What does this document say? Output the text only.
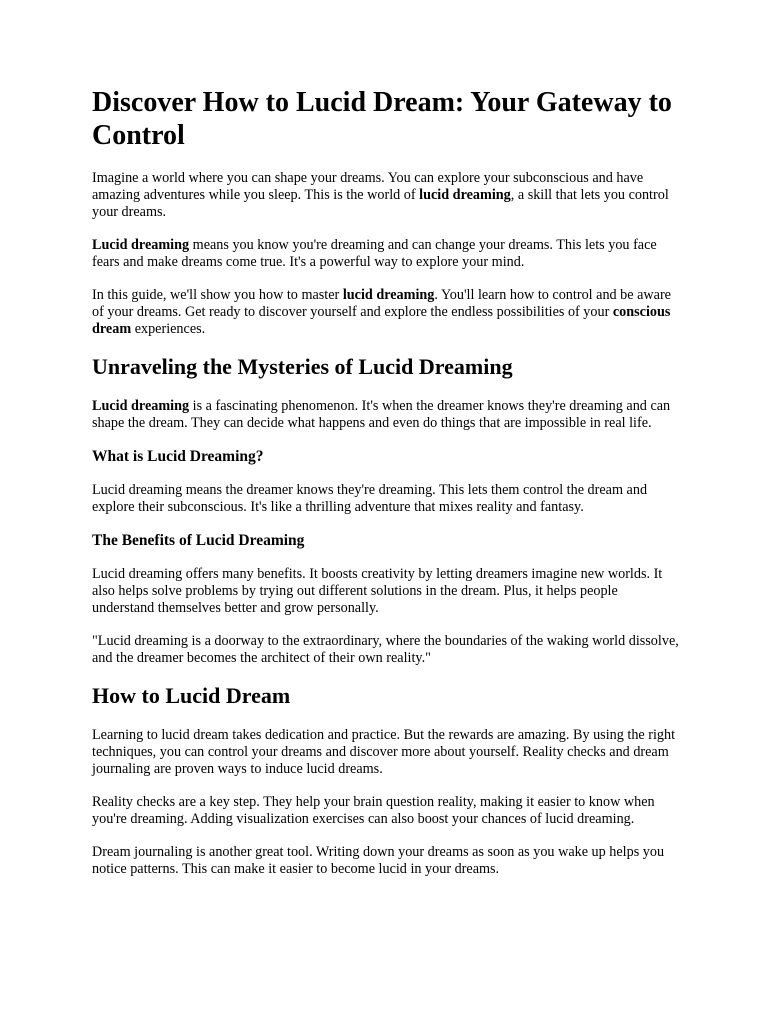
Discover How to Lucid Dream: Your Gateway to Control

Imagine a world where you can shape your dreams. You can explore your subconscious and have amazing adventures while you sleep. This is the world of lucid dreaming, a skill that lets you control your dreams.

Lucid dreaming means you know you're dreaming and can change your dreams. This lets you face fears and make dreams come true. It's a powerful way to explore your mind.

In this guide, we'll show you how to master lucid dreaming. You'll learn how to control and be aware of your dreams. Get ready to discover yourself and explore the endless possibilities of your conscious dream experiences.

Unraveling the Mysteries of Lucid Dreaming

Lucid dreaming is a fascinating phenomenon. It's when the dreamer knows they're dreaming and can shape the dream. They can decide what happens and even do things that are impossible in real life.

What is Lucid Dreaming?

Lucid dreaming means the dreamer knows they're dreaming. This lets them control the dream and explore their subconscious. It's like a thrilling adventure that mixes reality and fantasy.

The Benefits of Lucid Dreaming

Lucid dreaming offers many benefits. It boosts creativity by letting dreamers imagine new worlds. It also helps solve problems by trying out different solutions in the dream. Plus, it helps people understand themselves better and grow personally.

"Lucid dreaming is a doorway to the extraordinary, where the boundaries of the waking world dissolve, and the dreamer becomes the architect of their own reality."

How to Lucid Dream

Learning to lucid dream takes dedication and practice. But the rewards are amazing. By using the right techniques, you can control your dreams and discover more about yourself. Reality checks and dream journaling are proven ways to induce lucid dreams.

Reality checks are a key step. They help your brain question reality, making it easier to know when you're dreaming. Adding visualization exercises can also boost your chances of lucid dreaming.

Dream journaling is another great tool. Writing down your dreams as soon as you wake up helps you notice patterns. This can make it easier to become lucid in your dreams.
